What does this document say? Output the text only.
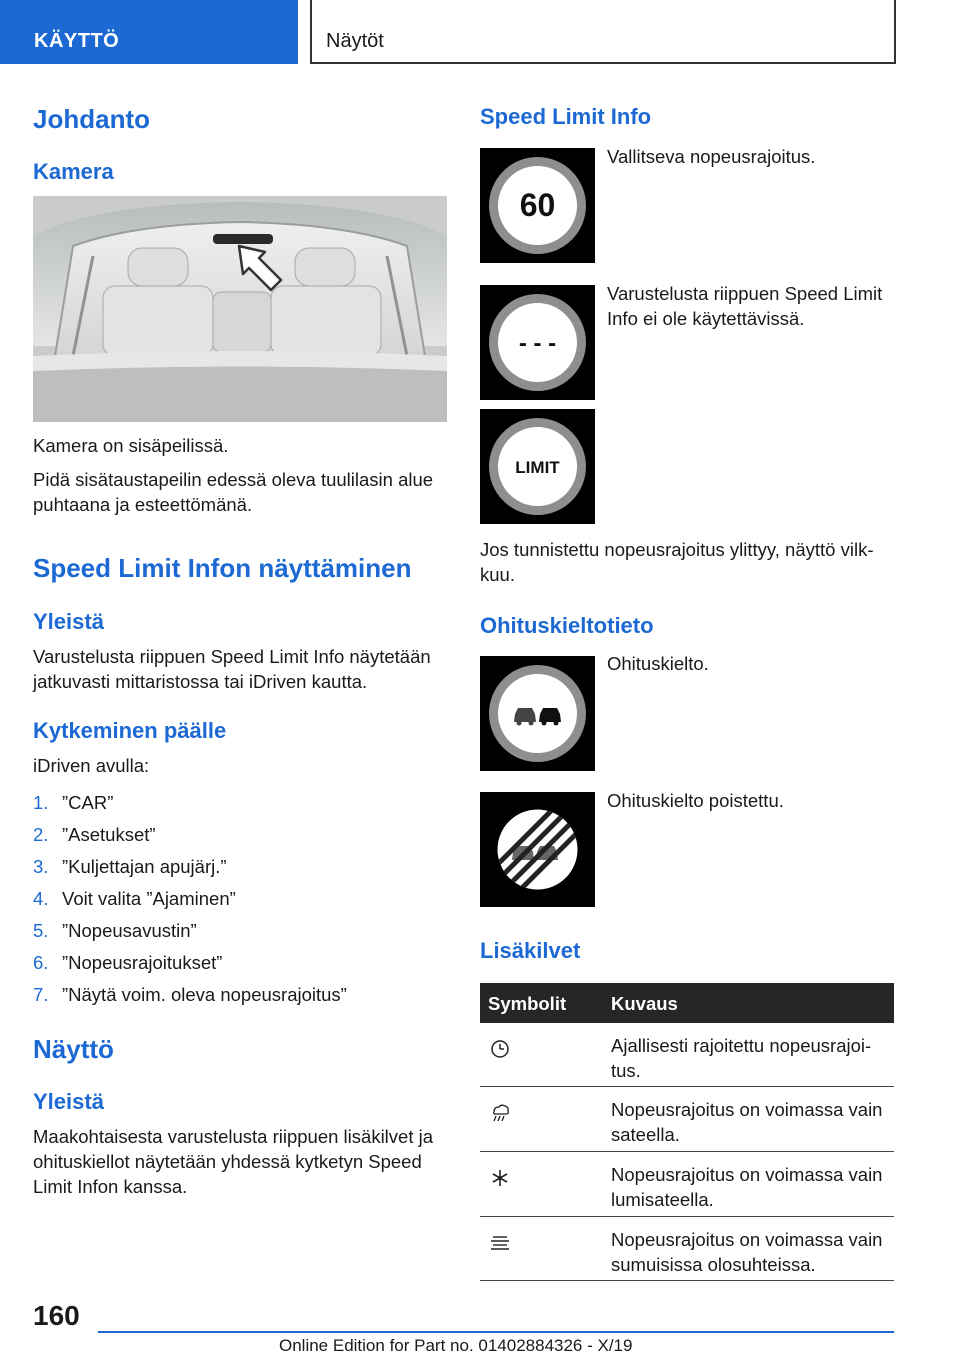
KÄYTTÖ	Näytöt
Johdanto
Kamera

Kamera on sisäpeilissä.

Pidä sisätaustapeilin edessä oleva tuulilasin alue puhtaana ja esteettömänä.

Speed Limit Infon näyttäminen
Yleistä

Varustelusta riippuen Speed Limit Info näytetään jatkuvasti mittaristossa tai iDriven kautta.

Kytkeminen päälle

iDriven avulla:

1. ”CAR”
2. ”Asetukset”
3. ”Kuljettajan apujärj.”
4. Voit valita ”Ajaminen”
5. ”Nopeusavustin”
6. ”Nopeusrajoitukset”
7. ”Näytä voim. oleva nopeusrajoitus”
Näyttö
Yleistä

Maakohtaisesta varustelusta riippuen lisäkilvet ja ohituskiellot näytetään yhdessä kytketyn Speed Limit Infon kanssa.

Speed Limit Info
60

Vallitseva nopeusrajoitus.

- - -

Varustelusta riippuen Speed Limit Info ei ole käytettävissä.

LIMIT

Jos tunnistettu nopeusrajoitus ylittyy, näyttö vilk-kuu.

Ohituskieltotieto

Ohituskielto.

Ohituskielto poistettu.

Lisäkilvet
Symbolit Kuvaus
Ajallisesti rajoitettu nopeusrajoi-tus.
Nopeusrajoitus on voimassa vain sateella.
Nopeusrajoitus on voimassa vain lumisateella.
Nopeusrajoitus on voimassa vain sumuisissa olosuhteissa.
160
Online Edition for Part no. 01402884326 - X/19
